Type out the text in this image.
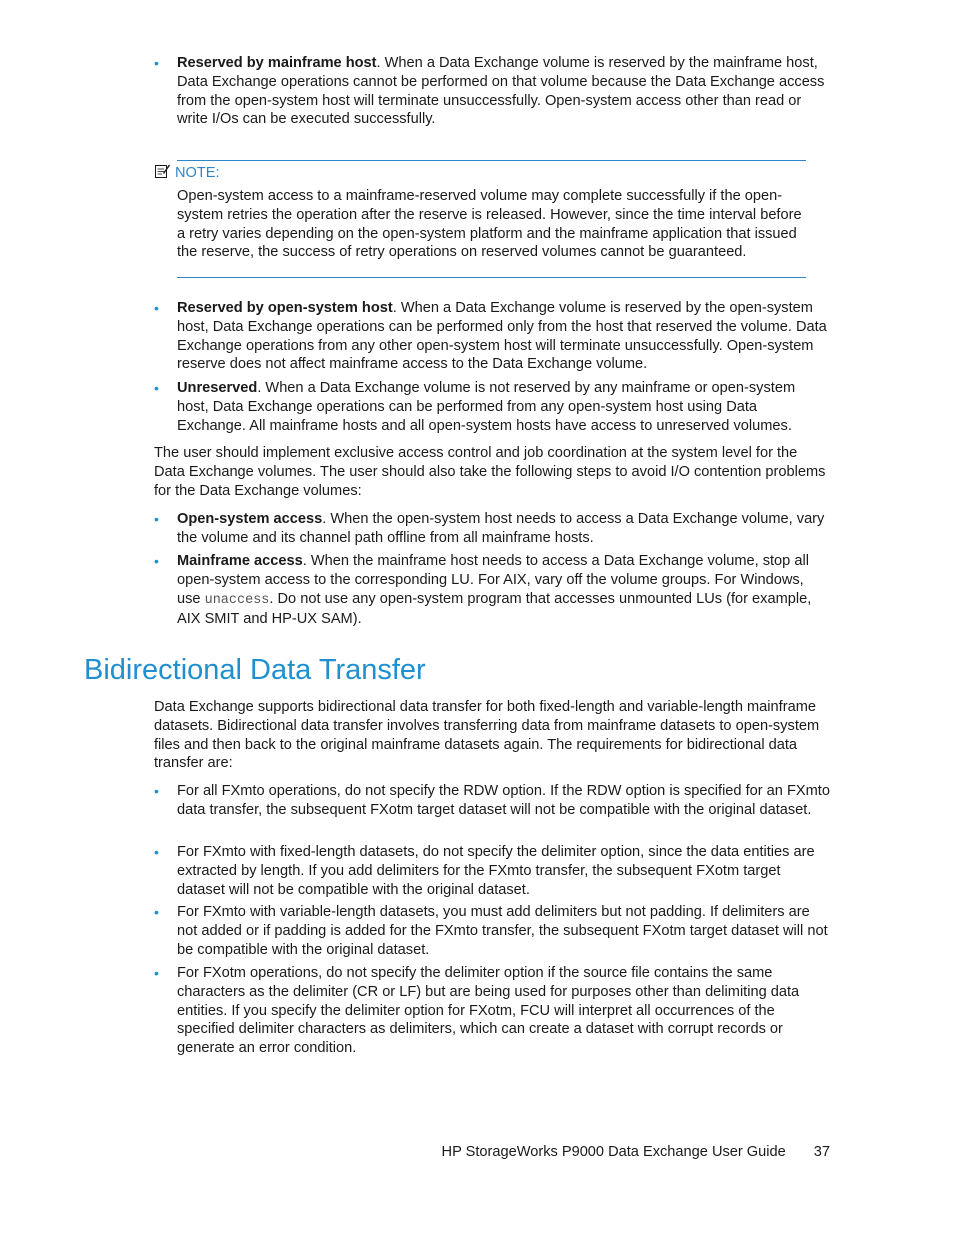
• Reserved by mainframe host. When a Data Exchange volume is reserved by the mainframe host, Data Exchange operations cannot be performed on that volume because the Data Exchange access from the open-system host will terminate unsuccessfully. Open-system access other than read or write I/Os can be executed successfully.
NOTE:
Open-system access to a mainframe-reserved volume may complete successfully if the open-system retries the operation after the reserve is released. However, since the time interval before a retry varies depending on the open-system platform and the mainframe application that issued the reserve, the success of retry operations on reserved volumes cannot be guaranteed.
• Reserved by open-system host. When a Data Exchange volume is reserved by the open-system host, Data Exchange operations can be performed only from the host that reserved the volume. Data Exchange operations from any other open-system host will terminate unsuccessfully. Open-system reserve does not affect mainframe access to the Data Exchange volume.
• Unreserved. When a Data Exchange volume is not reserved by any mainframe or open-system host, Data Exchange operations can be performed from any open-system host using Data Exchange. All mainframe hosts and all open-system hosts have access to unreserved volumes.

The user should implement exclusive access control and job coordination at the system level for the Data Exchange volumes. The user should also take the following steps to avoid I/O contention problems for the Data Exchange volumes:

• Open-system access. When the open-system host needs to access a Data Exchange volume, vary the volume and its channel path offline from all mainframe hosts.
• Mainframe access. When the mainframe host needs to access a Data Exchange volume, stop all open-system access to the corresponding LU. For AIX, vary off the volume groups. For Windows, use unaccess. Do not use any open-system program that accesses unmounted LUs (for example, AIX SMIT and HP-UX SAM).
Bidirectional Data Transfer

Data Exchange supports bidirectional data transfer for both fixed-length and variable-length mainframe datasets. Bidirectional data transfer involves transferring data from mainframe datasets to open-system files and then back to the original mainframe datasets again. The requirements for bidirectional data transfer are:

• For all FXmto operations, do not specify the RDW option. If the RDW option is specified for an FXmto data transfer, the subsequent FXotm target dataset will not be compatible with the original dataset.
• For FXmto with fixed-length datasets, do not specify the delimiter option, since the data entities are extracted by length. If you add delimiters for the FXmto transfer, the subsequent FXotm target dataset will not be compatible with the original dataset.
• For FXmto with variable-length datasets, you must add delimiters but not padding. If delimiters are not added or if padding is added for the FXmto transfer, the subsequent FXotm target dataset will not be compatible with the original dataset.
• For FXotm operations, do not specify the delimiter option if the source file contains the same characters as the delimiter (CR or LF) but are being used for purposes other than delimiting data entities. If you specify the delimiter option for FXotm, FCU will interpret all occurrences of the specified delimiter characters as delimiters, which can create a dataset with corrupt records or generate an error condition.
HP StorageWorks P9000 Data Exchange User Guide 37
